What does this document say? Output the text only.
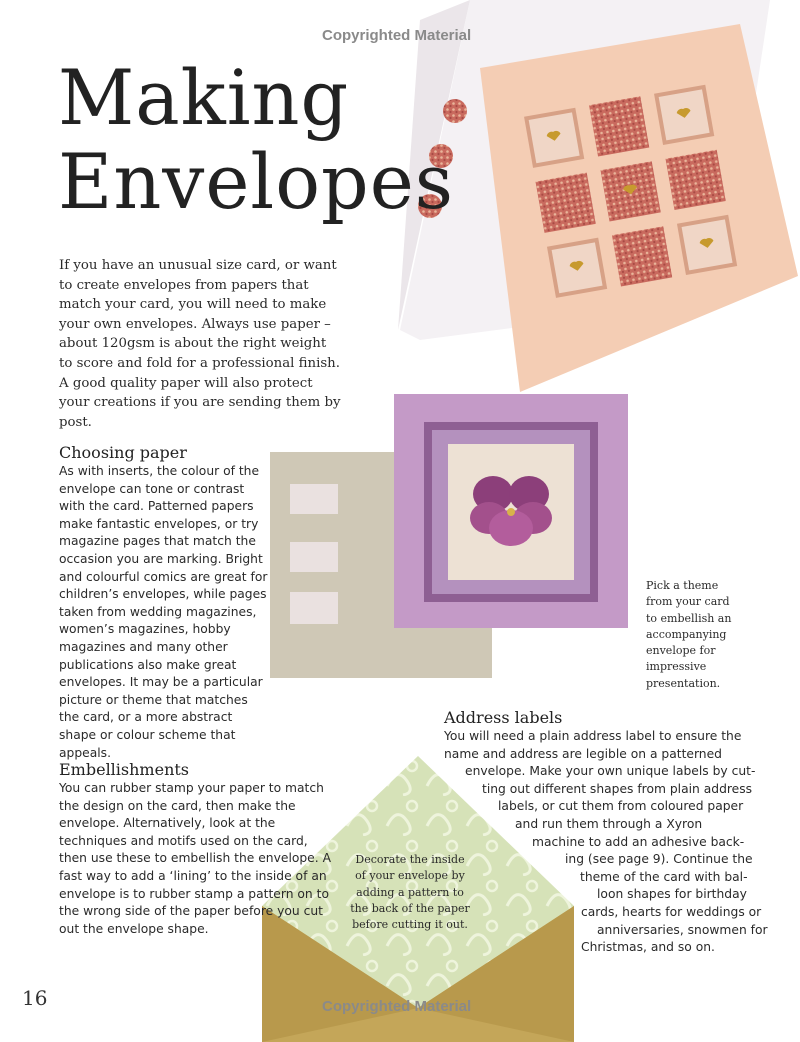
Copyrighted Material
Making
Envelopes

If you have an unusual size card, or want to create envelopes from papers that match your card, you will need to make your own envelopes. Always use paper – about 120gsm is about the right weight to score and fold for a professional finish. A good quality paper will also protect your creations if you are sending them by post.

Choosing paper

As with inserts, the colour of the envelope can tone or contrast with the card. Patterned papers make fantastic envelopes, or try magazine pages that match the occasion you are marking. Bright and colourful comics are great for children’s envelopes, while pages taken from wedding magazines, women’s magazines, hobby magazines and many other publications also make great envelopes. It may be a particular picture or theme that matches the card, or a more abstract shape or colour scheme that appeals.

Embellishments

You can rubber stamp your paper to match the design on the card, then make the envelope. Alternatively, look at the techniques and motifs used on the card, then use these to embellish the envelope. A fast way to add a ‘lining’ to the inside of an envelope is to rubber stamp a pattern on to the wrong side of the paper before you cut out the envelope shape.

Pick a theme from your card to embellish an accompanying envelope for impressive presentation.
Address labels
You will need a plain address label to ensure the
name and address are legible on a patterned
envelope. Make your own unique labels by cut-
ting out different shapes from plain address
labels, or cut them from coloured paper
and run them through a Xyron
machine to add an adhesive back-
ing (see page 9). Continue the
theme of the card with bal-
loon shapes for birthday
cards, hearts for weddings or
anniversaries, snowmen for
Christmas, and so on.
Decorate the inside of your envelope by adding a pattern to the back of the paper before cutting it out.
16	Copyrighted Material
